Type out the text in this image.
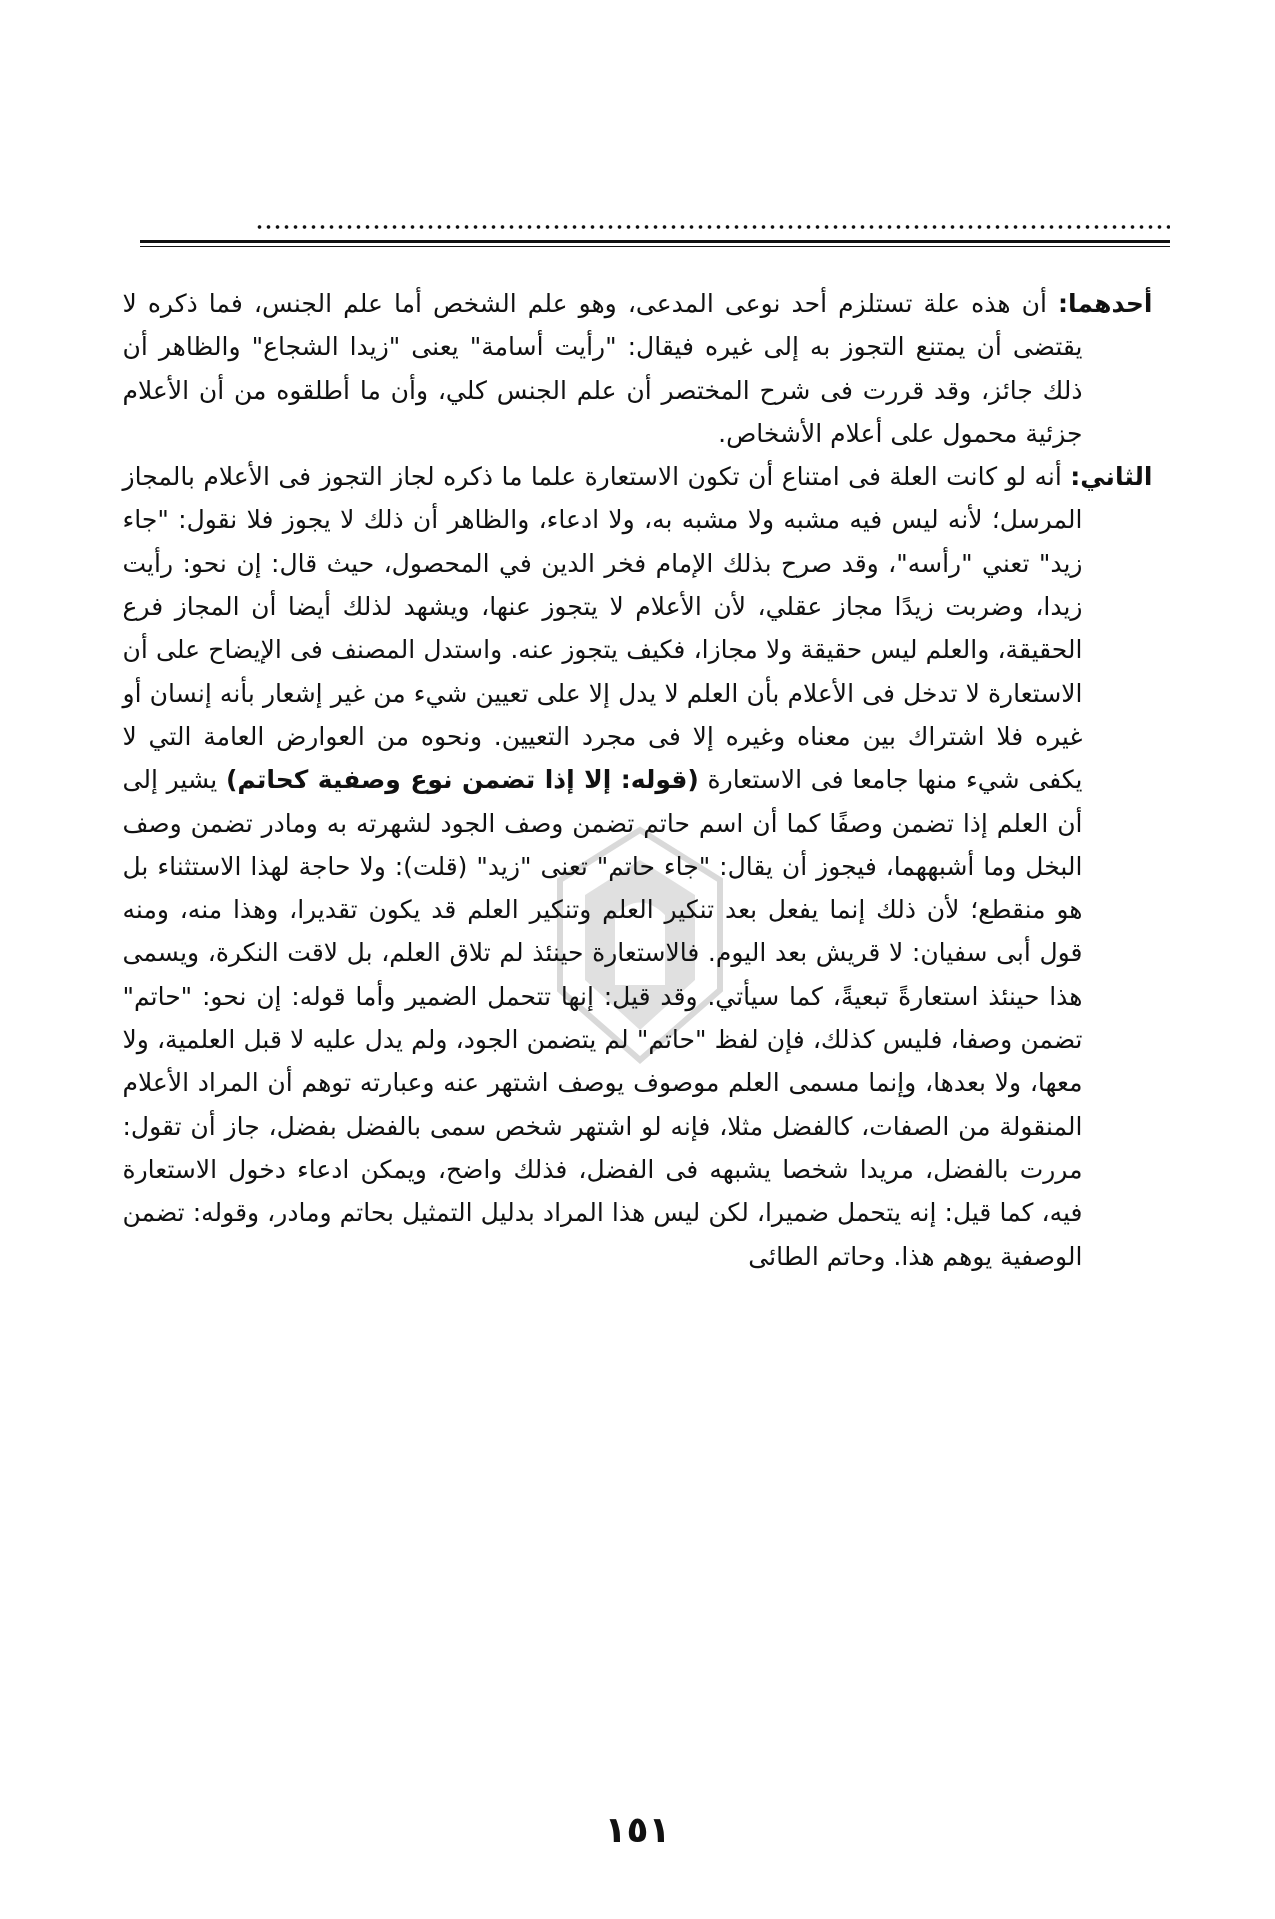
أحدهما: أن هذه علة تستلزم أحد نوعى المدعى، وهو علم الشخص أما علم الجنس، فما ذكره لا يقتضى أن يمتنع التجوز به إلى غيره فيقال: "رأيت أسامة" يعنى "زيدا الشجاع" والظاهر أن ذلك جائز، وقد قررت فى شرح المختصر أن علم الجنس كلي، وأن ما أطلقوه من أن الأعلام جزئية محمول على أعلام الأشخاص.

الثاني: أنه لو كانت العلة فى امتناع أن تكون الاستعارة علما ما ذكره لجاز التجوز فى الأعلام بالمجاز المرسل؛ لأنه ليس فيه مشبه ولا مشبه به، ولا ادعاء، والظاهر أن ذلك لا يجوز فلا نقول: "جاء زيد" تعني "رأسه"، وقد صرح بذلك الإمام فخر الدين في المحصول، حيث قال: إن نحو: رأيت زيدا، وضربت زيدًا مجاز عقلي، لأن الأعلام لا يتجوز عنها، ويشهد لذلك أيضا أن المجاز فرع الحقيقة، والعلم ليس حقيقة ولا مجازا، فكيف يتجوز عنه. واستدل المصنف فى الإيضاح على أن الاستعارة لا تدخل فى الأعلام بأن العلم لا يدل إلا على تعيين شيء من غير إشعار بأنه إنسان أو غيره فلا اشتراك بين معناه وغيره إلا فى مجرد التعيين. ونحوه من العوارض العامة التي لا يكفى شيء منها جامعا فى الاستعارة (قوله: إلا إذا تضمن نوع وصفية كحاتم) يشير إلى أن العلم إذا تضمن وصفًا كما أن اسم حاتم تضمن وصف الجود لشهرته به ومادر تضمن وصف البخل وما أشبههما، فيجوز أن يقال: "جاء حاتم" تعنى "زيد" (قلت): ولا حاجة لهذا الاستثناء بل هو منقطع؛ لأن ذلك إنما يفعل بعد تنكير العلم وتنكير العلم قد يكون تقديرا، وهذا منه، ومنه قول أبى سفيان: لا قريش بعد اليوم. فالاستعارة حينئذ لم تلاق العلم، بل لاقت النكرة، ويسمى هذا حينئذ استعارةً تبعيةً، كما سيأتي. وقد قيل: إنها تتحمل الضمير وأما قوله: إن نحو: "حاتم" تضمن وصفا، فليس كذلك، فإن لفظ "حاتم" لم يتضمن الجود، ولم يدل عليه لا قبل العلمية، ولا معها، ولا بعدها، وإنما مسمى العلم موصوف يوصف اشتهر عنه وعبارته توهم أن المراد الأعلام المنقولة من الصفات، كالفضل مثلا، فإنه لو اشتهر شخص سمى بالفضل بفضل، جاز أن تقول: مررت بالفضل، مريدا شخصا يشبهه فى الفضل، فذلك واضح، ويمكن ادعاء دخول الاستعارة فيه، كما قيل: إنه يتحمل ضميرا، لكن ليس هذا المراد بدليل التمثيل بحاتم ومادر، وقوله: تضمن الوصفية يوهم هذا. وحاتم الطائى

١٥١
